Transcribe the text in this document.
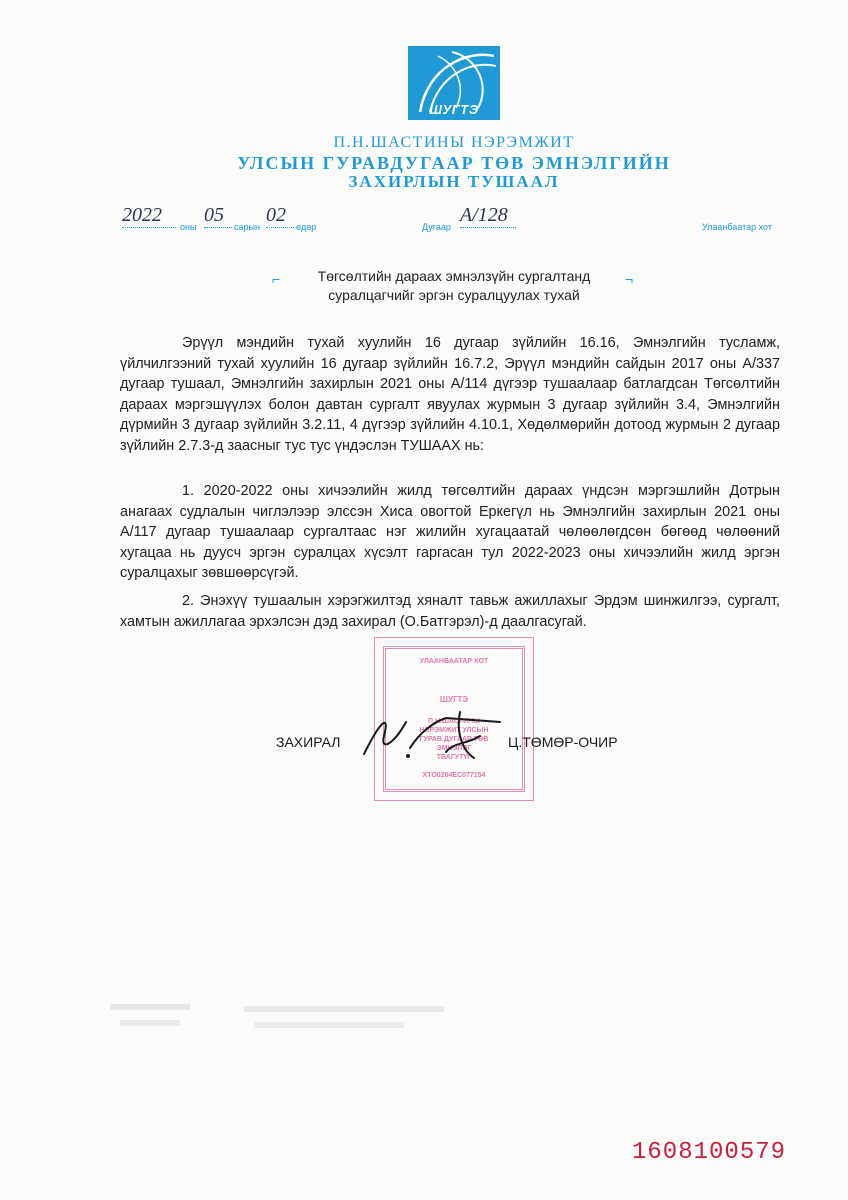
ШУГТЭ
П.Н.ШАСТИНЫ НЭРЭМЖИТ
УЛСЫН ГУРАВДУГААР ТӨВ ЭМНЭЛГИЙН
ЗАХИРЛЫН ТУШААЛ
2022
оны
05
сарын
02
өдөр	Дугаар
А/128
Улаанбаатар хот
⌐	¬
Төгсөлтийн дараах эмнэлзүйн сургалтанд
суралцагчийг эргэн суралцуулах тухай

Эрүүл мэндийн тухай хуулийн 16 дугаар зүйлийн 16.16, Эмнэлгийн тусламж, үйлчилгээний тухай хуулийн 16 дугаар зүйлийн 16.7.2, Эрүүл мэндийн сайдын 2017 оны А/337 дугаар тушаал, Эмнэлгийн захирлын 2021 оны А/114 дүгээр тушаалаар батлагдсан Төгсөлтийн дараах мэргэшүүлэх болон давтан сургалт явуулах журмын 3 дугаар зүйлийн 3.4, Эмнэлгийн дүрмийн 3 дугаар зүйлийн 3.2.11, 4 дүгээр зүйлийн 4.10.1, Хөдөлмөрийн дотоод журмын 2 дугаар зүйлийн 2.7.3-д заасныг тус тус үндэслэн ТУШААХ нь:

1. 2020-2022 оны хичээлийн жилд төгсөлтийн дараах үндсэн мэргэшлийн Дотрын анагаах судлалын чиглэлээр элссэн Хиса овогтой Еркегүл нь Эмнэлгийн захирлын 2021 оны А/117 дугаар тушаалаар сургалтаас нэг жилийн хугацаатай чөлөөлөгдсөн бөгөөд чөлөөний хугацаа нь дууcч эргэн суралцах хүсэлт гаргасан тул 2022-2023 оны хичээлийн жилд эргэн суралцахыг зөвшөөрсүгэй.

2. Энэхүү тушаалын хэрэгжилтэд хяналт тавьж ажиллахыг Эрдэм шинжилгээ, сургалт, хамтын ажиллагаа эрхэлсэн дэд захирал (О.Батгэрэл)-д даалгасугай.

УЛААНБААТАР ХОТ
ШУГТЭ
П.Н.ШАСТИНЫ
НЭРЭМЖИТ УЛСЫН
ГУРАВ ДУГААР ТӨВ
ЭМНЭЛЭГ
ТБАГУТҮГ
ХТО0264ЕС077154
ЗАХИРАЛ	Ц.ТӨМӨР-ОЧИР
1608100579
